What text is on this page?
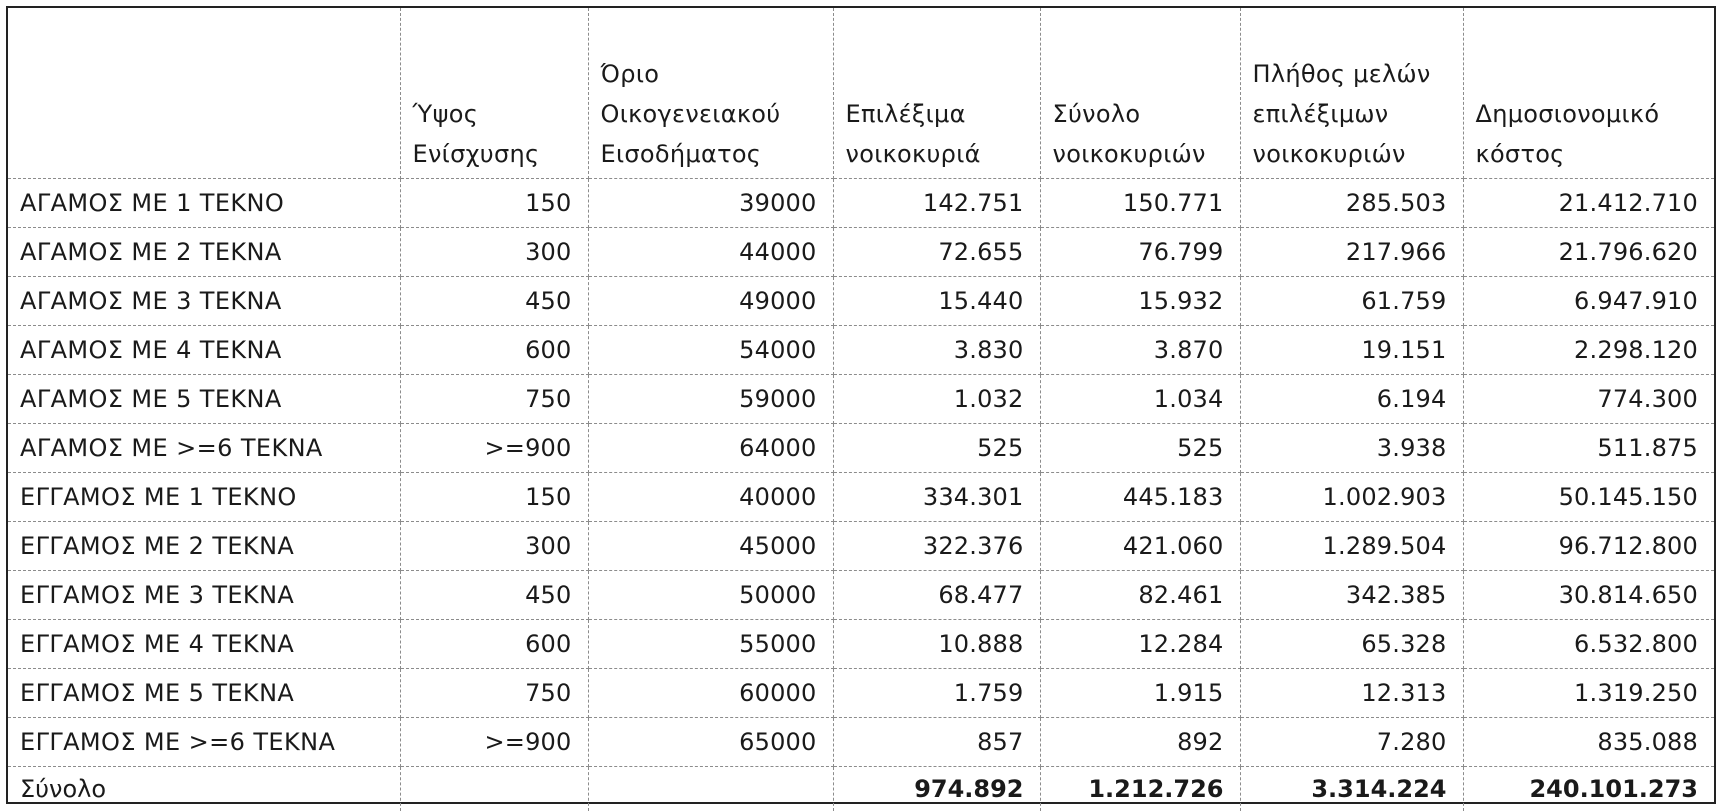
	Ύψος Ενίσχυσης	Όριο Οικογενειακού Εισοδήματος	Επιλέξιμα νοικοκυριά	Σύνολο νοικοκυριών	Πλήθος μελών επιλέξιμων νοικοκυριών	Δημοσιονομικό κόστος
ΑΓΑΜΟΣ ΜΕ 1 ΤΕΚΝΟ	150	39000	142.751	150.771	285.503	21.412.710
ΑΓΑΜΟΣ ΜΕ 2 ΤΕΚΝΑ	300	44000	72.655	76.799	217.966	21.796.620
ΑΓΑΜΟΣ ΜΕ 3 ΤΕΚΝΑ	450	49000	15.440	15.932	61.759	6.947.910
ΑΓΑΜΟΣ ΜΕ 4 ΤΕΚΝΑ	600	54000	3.830	3.870	19.151	2.298.120
ΑΓΑΜΟΣ ΜΕ 5 ΤΕΚΝΑ	750	59000	1.032	1.034	6.194	774.300
ΑΓΑΜΟΣ ΜΕ >=6 ΤΕΚΝΑ	>=900	64000	525	525	3.938	511.875
ΕΓΓΑΜΟΣ ΜΕ 1 ΤΕΚΝΟ	150	40000	334.301	445.183	1.002.903	50.145.150
ΕΓΓΑΜΟΣ ΜΕ 2 ΤΕΚΝΑ	300	45000	322.376	421.060	1.289.504	96.712.800
ΕΓΓΑΜΟΣ ΜΕ 3 ΤΕΚΝΑ	450	50000	68.477	82.461	342.385	30.814.650
ΕΓΓΑΜΟΣ ΜΕ 4 ΤΕΚΝΑ	600	55000	10.888	12.284	65.328	6.532.800
ΕΓΓΑΜΟΣ ΜΕ 5 ΤΕΚΝΑ	750	60000	1.759	1.915	12.313	1.319.250
ΕΓΓΑΜΟΣ ΜΕ >=6 ΤΕΚΝΑ	>=900	65000	857	892	7.280	835.088
Σύνολο			974.892	1.212.726	3.314.224	240.101.273
